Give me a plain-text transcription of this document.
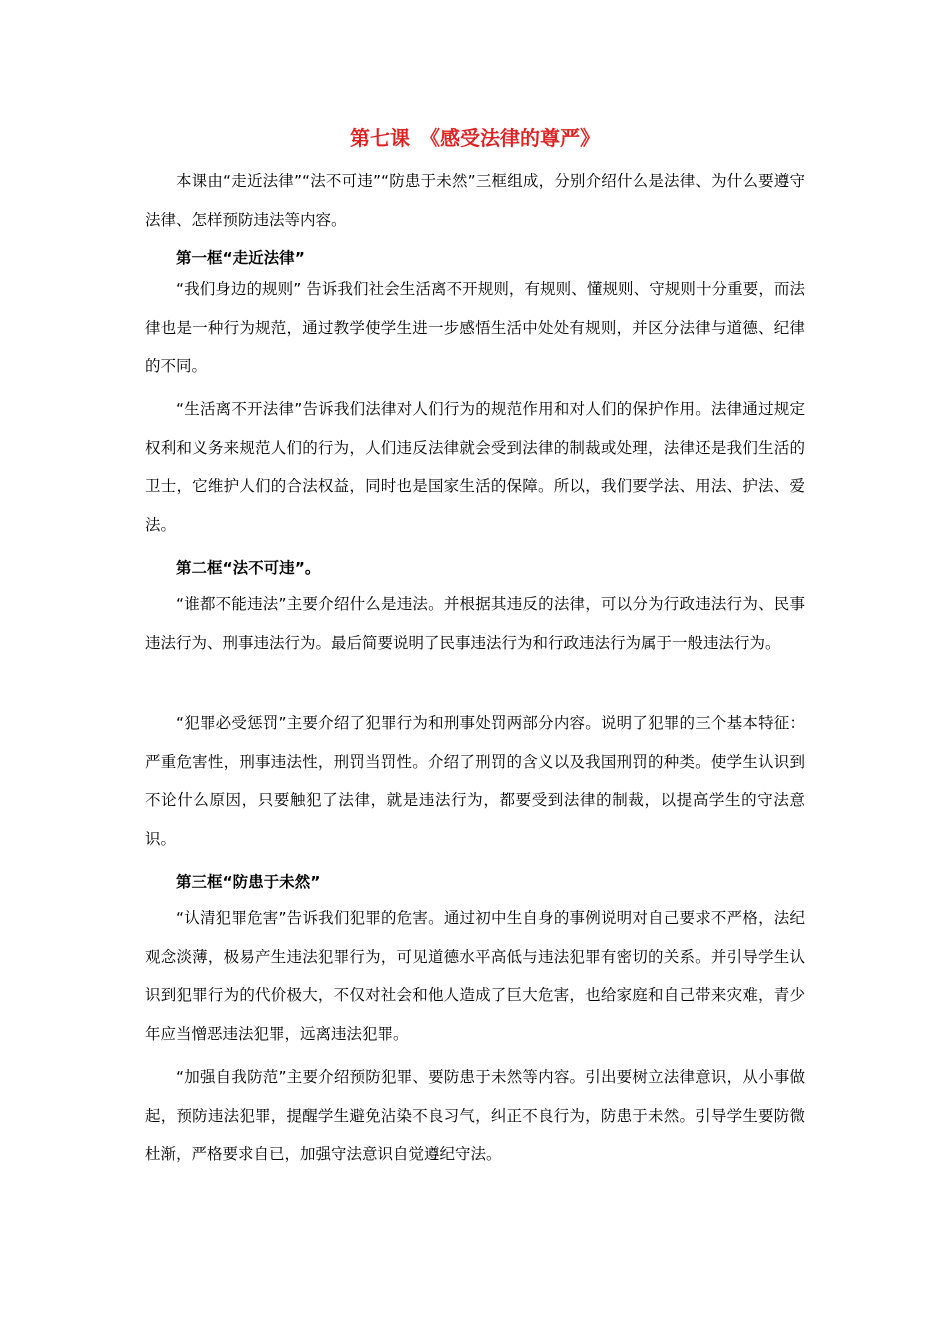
第七课　《感受法律的尊严》

本课由“走近法律”“法不可违”“防患于未然”三框组成，分别介绍什么是法律、为什么要遵守法律、怎样预防违法等内容。

第一框“走近法律”

“我们身边的规则” 告诉我们社会生活离不开规则，有规则、懂规则、守规则十分重要，而法律也是一种行为规范，通过教学使学生进一步感悟生活中处处有规则，并区分法律与道德、纪律的不同。

“生活离不开法律”告诉我们法律对人们行为的规范作用和对人们的保护作用。法律通过规定权利和义务来规范人们的行为，人们违反法律就会受到法律的制裁或处理，法律还是我们生活的卫士，它维护人们的合法权益，同时也是国家生活的保障。所以，我们要学法、用法、护法、爱法。

第二框“法不可违”。

“谁都不能违法”主要介绍什么是违法。并根据其违反的法律，可以分为行政违法行为、民事违法行为、刑事违法行为。最后简要说明了民事违法行为和行政违法行为属于一般违法行为。

“犯罪必受惩罚”主要介绍了犯罪行为和刑事处罚两部分内容。说明了犯罪的三个基本特征：严重危害性，刑事违法性，刑罚当罚性。介绍了刑罚的含义以及我国刑罚的种类。使学生认识到不论什么原因，只要触犯了法律，就是违法行为，都要受到法律的制裁，以提高学生的守法意识。

第三框“防患于未然”

“认清犯罪危害”告诉我们犯罪的危害。通过初中生自身的事例说明对自己要求不严格，法纪观念淡薄，极易产生违法犯罪行为，可见道德水平高低与违法犯罪有密切的关系。并引导学生认识到犯罪行为的代价极大，不仅对社会和他人造成了巨大危害，也给家庭和自己带来灾难，青少年应当憎恶违法犯罪，远离违法犯罪。

“加强自我防范”主要介绍预防犯罪、要防患于未然等内容。引出要树立法律意识，从小事做起，预防违法犯罪，提醒学生避免沾染不良习气，纠正不良行为，防患于未然。引导学生要防微杜渐，严格要求自已，加强守法意识自觉遵纪守法。
